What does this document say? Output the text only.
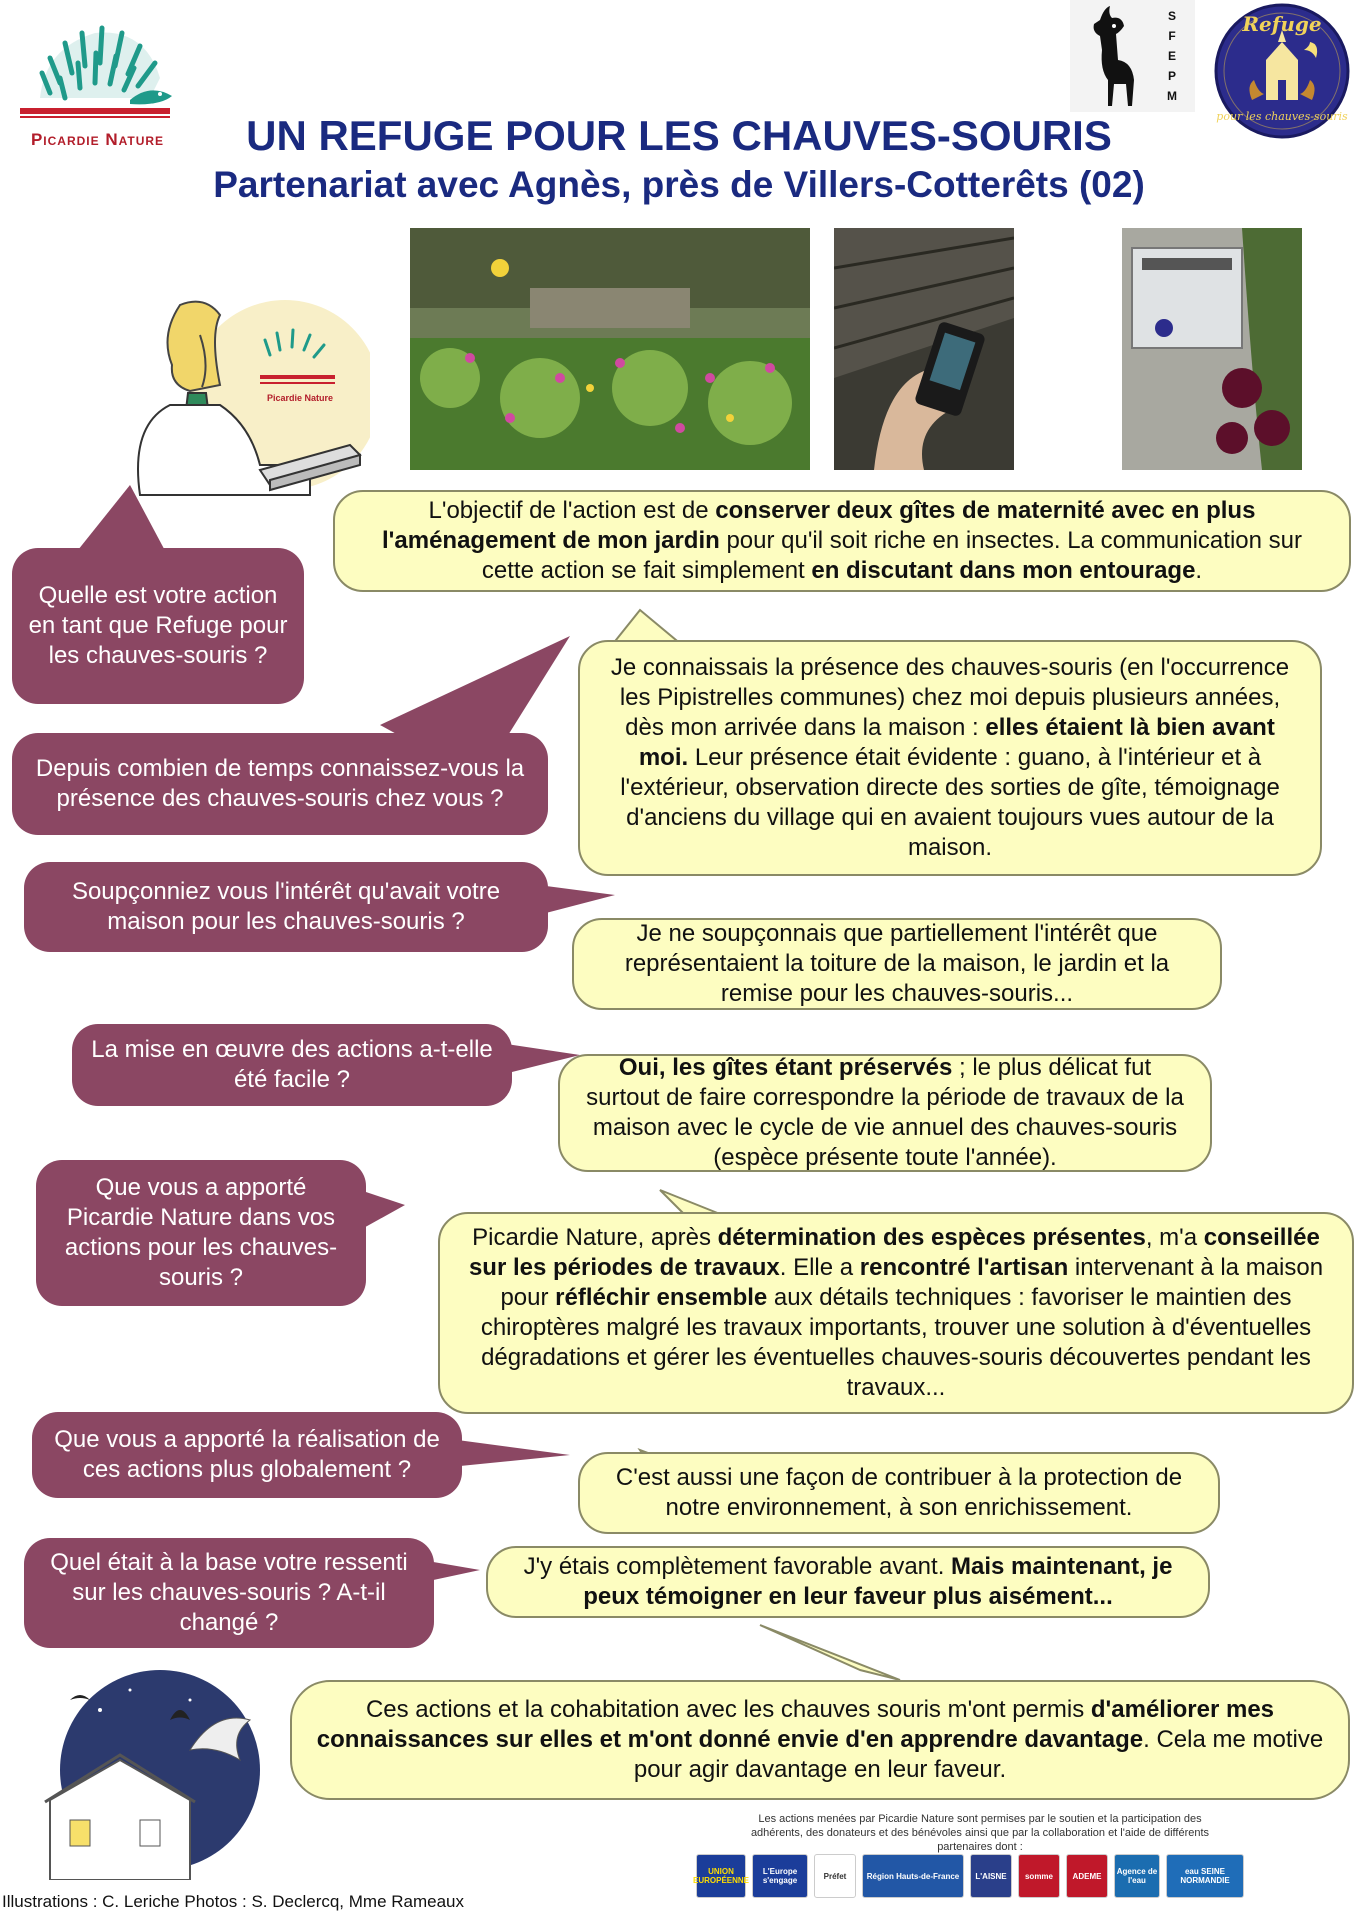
Picardie Nature
S
F
E
P
M
Refuge
pour les chauves-souris
UN REFUGE POUR LES CHAUVES-SOURIS
Partenariat avec Agnès, près de Villers-Cotterêts (02)
Picardie Nature
Quelle est votre action en tant que Refuge pour les chauves-souris ?
L'objectif de l'action est de conserver deux gîtes de maternité avec en plus l'aménagement de mon jardin pour qu'il soit riche en insectes. La communication sur cette action se fait simplement en discutant dans mon entourage.
Depuis combien de temps connaissez-vous la présence des chauves-souris chez vous ?
Je connaissais la présence des chauves-souris (en l'occurrence les Pipistrelles communes) chez moi depuis plusieurs années, dès mon arrivée dans la maison : elles étaient là bien avant moi. Leur présence était évidente : guano, à l'intérieur et à l'extérieur, observation directe des sorties de gîte, témoignage d'anciens du village qui en avaient toujours vues autour de la maison.
Soupçonniez vous l'intérêt qu'avait votre maison pour les chauves-souris ?	Je ne soupçonnais que partiellement l'intérêt que représentaient la toiture de la maison, le jardin et la remise pour les chauves-souris...
La mise en œuvre des actions a-t-elle été facile ?	Oui, les gîtes étant préservés ; le plus délicat fut surtout de faire correspondre la période de travaux de la maison avec le cycle de vie annuel des chauves-souris (espèce présente toute l'année).
Que vous a apporté Picardie Nature dans vos actions pour les chauves-souris ?
Picardie Nature, après détermination des espèces présentes, m'a conseillée sur les périodes de travaux. Elle a rencontré l'artisan intervenant à la maison pour réfléchir ensemble aux détails techniques : favoriser le maintien des chiroptères malgré les travaux importants, trouver une solution à d'éventuelles dégradations et gérer les éventuelles chauves-souris découvertes pendant les travaux...
Que vous a apporté la réalisation de ces actions plus globalement ?	C'est aussi une façon de contribuer à la protection de notre environnement, à son enrichissement.
Quel était à la base votre ressenti sur les chauves-souris ? A-t-il changé ?
J'y étais complètement favorable avant. Mais maintenant, je peux témoigner en leur faveur plus aisément...
Ces actions et la cohabitation avec les chauves souris m'ont permis d'améliorer mes connaissances sur elles et m'ont donné envie d'en apprendre davantage. Cela me motive pour agir davantage en leur faveur.
Les actions menées par Picardie Nature sont permises par le soutien et la participation des adhérents, des donateurs et des bénévoles ainsi que par la collaboration et l'aide de différents partenaires dont :
UNION EUROPÉENNE
L'Europe s'engage	Préfet	Région Hauts-de-France	L'AISNE	somme	ADEME	Agence de l'eau
eau SEINE NORMANDIE
Illustrations : C. Leriche Photos : S. Declercq, Mme Rameaux
